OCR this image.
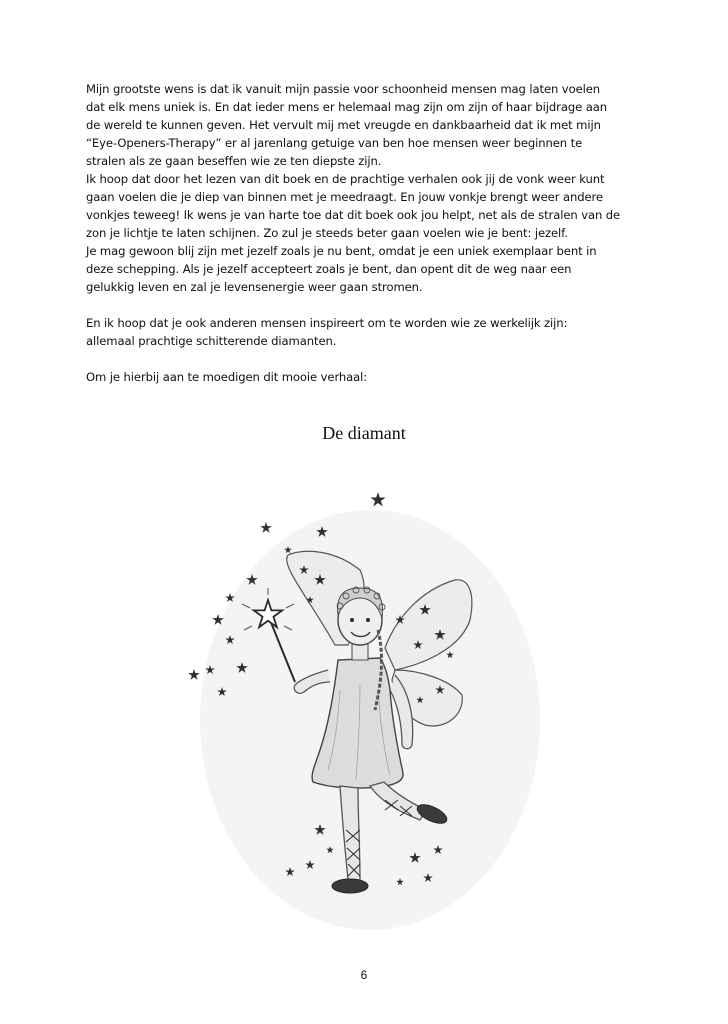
Mijn grootste wens is dat ik vanuit mijn passie voor schoonheid mensen mag laten voelen

dat elk mens uniek is. En dat ieder mens er helemaal mag zijn om zijn of haar bijdrage aan

de wereld te kunnen geven. Het vervult mij met vreugde en dankbaarheid dat ik met mijn

“Eye-Openers-Therapy” er al jarenlang getuige van ben hoe mensen weer beginnen te

stralen als ze gaan beseffen wie ze ten diepste zijn.

Ik hoop dat door het lezen van dit boek en de prachtige verhalen ook jij de vonk weer kunt

gaan voelen die je diep van binnen met je meedraagt. En jouw vonkje brengt weer andere

vonkjes teweeg! Ik wens je van harte toe dat dit boek ook jou helpt, net als de stralen van de

zon je lichtje te laten schijnen. Zo zul je steeds beter gaan voelen wie je bent: jezelf.

Je mag gewoon blij zijn met jezelf zoals je nu bent, omdat je een uniek exemplaar bent in

deze schepping. Als je jezelf accepteert zoals je bent, dan opent dit de weg naar een

gelukkig leven en zal je levensenergie weer gaan stromen.

En ik hoop dat je ook anderen mensen inspireert om te worden wie ze werkelijk zijn:

allemaal prachtige schitterende diamanten.

Om je hierbij aan te moedigen dit mooie verhaal:

De diamant
6
